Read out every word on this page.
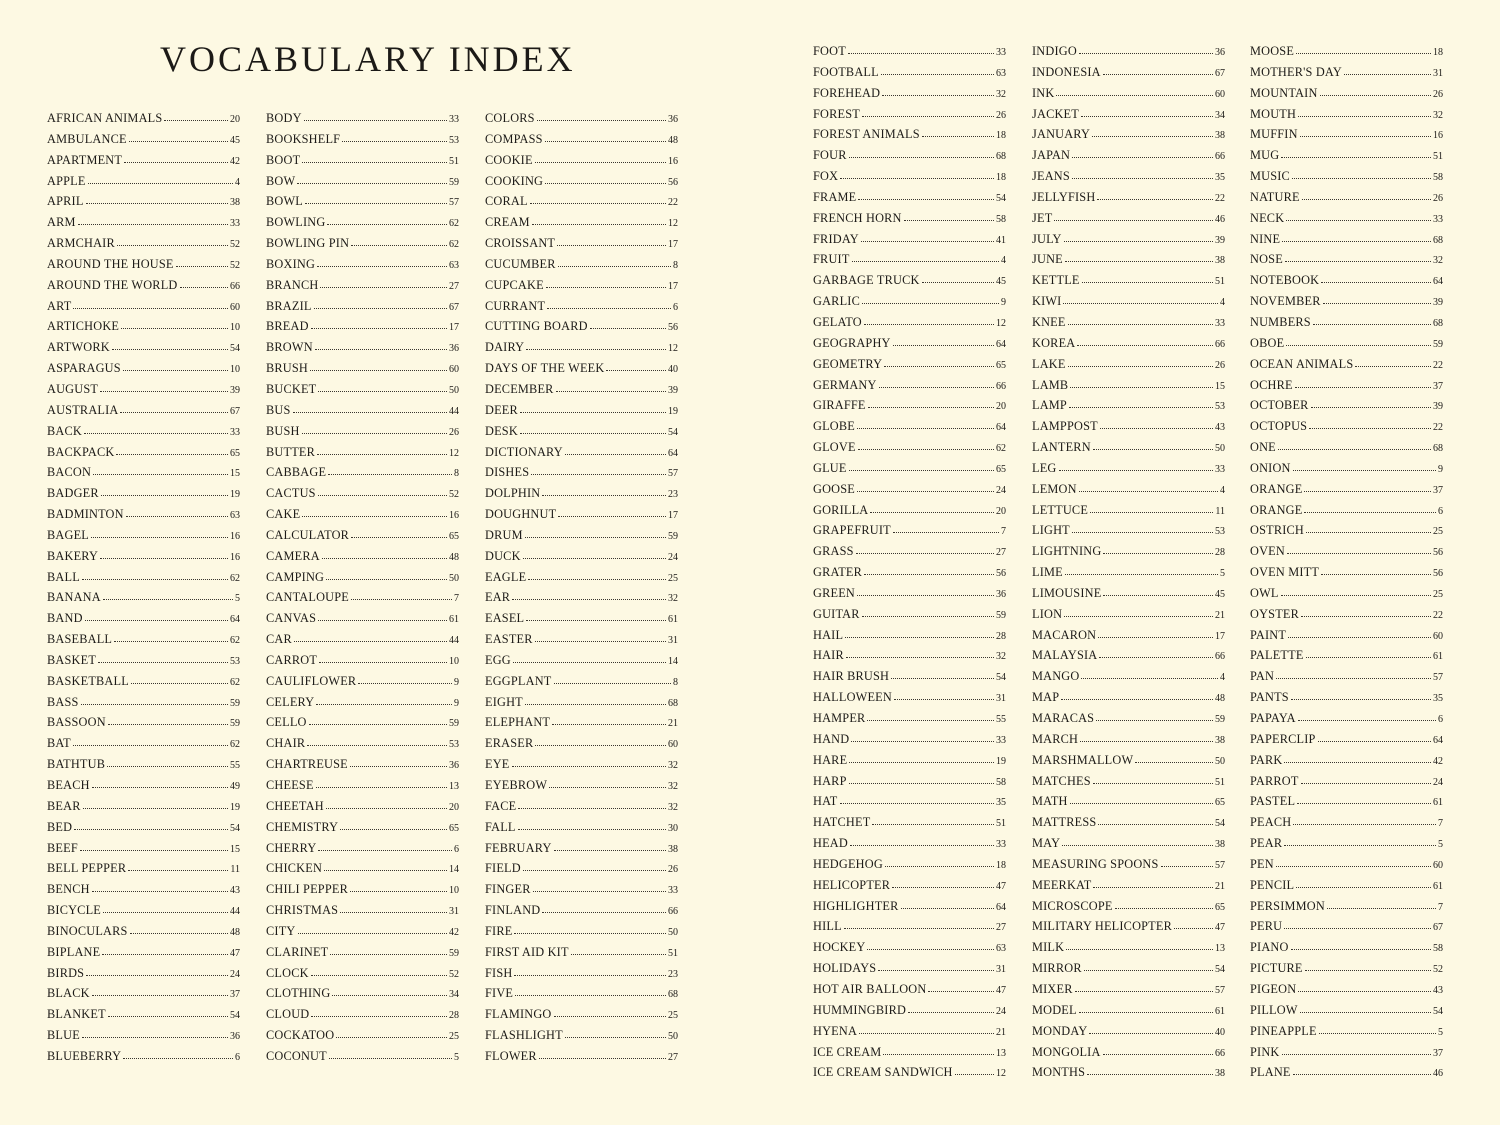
VOCABULARY INDEX
AFRICAN ANIMALS	20
AMBULANCE	45
APARTMENT	42
APPLE	4
APRIL	38
ARM	33
ARMCHAIR	52
AROUND THE HOUSE	52
AROUND THE WORLD	66
ART	60
ARTICHOKE	10
ARTWORK	54
ASPARAGUS	10
AUGUST	39
AUSTRALIA	67
BACK	33
BACKPACK	65
BACON	15
BADGER	19
BADMINTON	63
BAGEL	16
BAKERY	16
BALL	62
BANANA	5
BAND	64
BASEBALL	62
BASKET	53
BASKETBALL	62
BASS	59
BASSOON	59
BAT	62
BATHTUB	55
BEACH	49
BEAR	19
BED	54
BEEF	15
BELL PEPPER	11
BENCH	43
BICYCLE	44
BINOCULARS	48
BIPLANE	47
BIRDS	24
BLACK	37
BLANKET	54
BLUE	36
BLUEBERRY	6
BODY	33
BOOKSHELF	53
BOOT	51
BOW	59
BOWL	57
BOWLING	62
BOWLING PIN	62
BOXING	63
BRANCH	27
BRAZIL	67
BREAD	17
BROWN	36
BRUSH	60
BUCKET	50
BUS	44
BUSH	26
BUTTER	12
CABBAGE	8
CACTUS	52
CAKE	16
CALCULATOR	65
CAMERA	48
CAMPING	50
CANTALOUPE	7
CANVAS	61
CAR	44
CARROT	10
CAULIFLOWER	9
CELERY	9
CELLO	59
CHAIR	53
CHARTREUSE	36
CHEESE	13
CHEETAH	20
CHEMISTRY	65
CHERRY	6
CHICKEN	14
CHILI PEPPER	10
CHRISTMAS	31
CITY	42
CLARINET	59
CLOCK	52
CLOTHING	34
CLOUD	28
COCKATOO	25
COCONUT	5
COLORS	36
COMPASS	48
COOKIE	16
COOKING	56
CORAL	22
CREAM	12
CROISSANT	17
CUCUMBER	8
CUPCAKE	17
CURRANT	6
CUTTING BOARD	56
DAIRY	12
DAYS OF THE WEEK	40
DECEMBER	39
DEER	19
DESK	54
DICTIONARY	64
DISHES	57
DOLPHIN	23
DOUGHNUT	17
DRUM	59
DUCK	24
EAGLE	25
EAR	32
EASEL	61
EASTER	31
EGG	14
EGGPLANT	8
EIGHT	68
ELEPHANT	21
ERASER	60
EYE	32
EYEBROW	32
FACE	32
FALL	30
FEBRUARY	38
FIELD	26
FINGER	33
FINLAND	66
FIRE	50
FIRST AID KIT	51
FISH	23
FIVE	68
FLAMINGO	25
FLASHLIGHT	50
FLOWER	27
FOOT	33
FOOTBALL	63
FOREHEAD	32
FOREST	26
FOREST ANIMALS	18
FOUR	68
FOX	18
FRAME	54
FRENCH HORN	58
FRIDAY	41
FRUIT	4
GARBAGE TRUCK	45
GARLIC	9
GELATO	12
GEOGRAPHY	64
GEOMETRY	65
GERMANY	66
GIRAFFE	20
GLOBE	64
GLOVE	62
GLUE	65
GOOSE	24
GORILLA	20
GRAPEFRUIT	7
GRASS	27
GRATER	56
GREEN	36
GUITAR	59
HAIL	28
HAIR	32
HAIR BRUSH	54
HALLOWEEN	31
HAMPER	55
HAND	33
HARE	19
HARP	58
HAT	35
HATCHET	51
HEAD	33
HEDGEHOG	18
HELICOPTER	47
HIGHLIGHTER	64
HILL	27
HOCKEY	63
HOLIDAYS	31
HOT AIR BALLOON	47
HUMMINGBIRD	24
HYENA	21
ICE CREAM	13
ICE CREAM SANDWICH	12
INDIGO	36
INDONESIA	67
INK	60
JACKET	34
JANUARY	38
JAPAN	66
JEANS	35
JELLYFISH	22
JET	46
JULY	39
JUNE	38
KETTLE	51
KIWI	4
KNEE	33
KOREA	66
LAKE	26
LAMB	15
LAMP	53
LAMPPOST	43
LANTERN	50
LEG	33
LEMON	4
LETTUCE	11
LIGHT	53
LIGHTNING	28
LIME	5
LIMOUSINE	45
LION	21
MACARON	17
MALAYSIA	66
MANGO	4
MAP	48
MARACAS	59
MARCH	38
MARSHMALLOW	50
MATCHES	51
MATH	65
MATTRESS	54
MAY	38
MEASURING SPOONS	57
MEERKAT	21
MICROSCOPE	65
MILITARY HELICOPTER	47
MILK	13
MIRROR	54
MIXER	57
MODEL	61
MONDAY	40
MONGOLIA	66
MONTHS	38
MOOSE	18
MOTHER'S DAY	31
MOUNTAIN	26
MOUTH	32
MUFFIN	16
MUG	51
MUSIC	58
NATURE	26
NECK	33
NINE	68
NOSE	32
NOTEBOOK	64
NOVEMBER	39
NUMBERS	68
OBOE	59
OCEAN ANIMALS	22
OCHRE	37
OCTOBER	39
OCTOPUS	22
ONE	68
ONION	9
ORANGE	37
ORANGE	6
OSTRICH	25
OVEN	56
OVEN MITT	56
OWL	25
OYSTER	22
PAINT	60
PALETTE	61
PAN	57
PANTS	35
PAPAYA	6
PAPERCLIP	64
PARK	42
PARROT	24
PASTEL	61
PEACH	7
PEAR	5
PEN	60
PENCIL	61
PERSIMMON	7
PERU	67
PIANO	58
PICTURE	52
PIGEON	43
PILLOW	54
PINEAPPLE	5
PINK	37
PLANE	46
